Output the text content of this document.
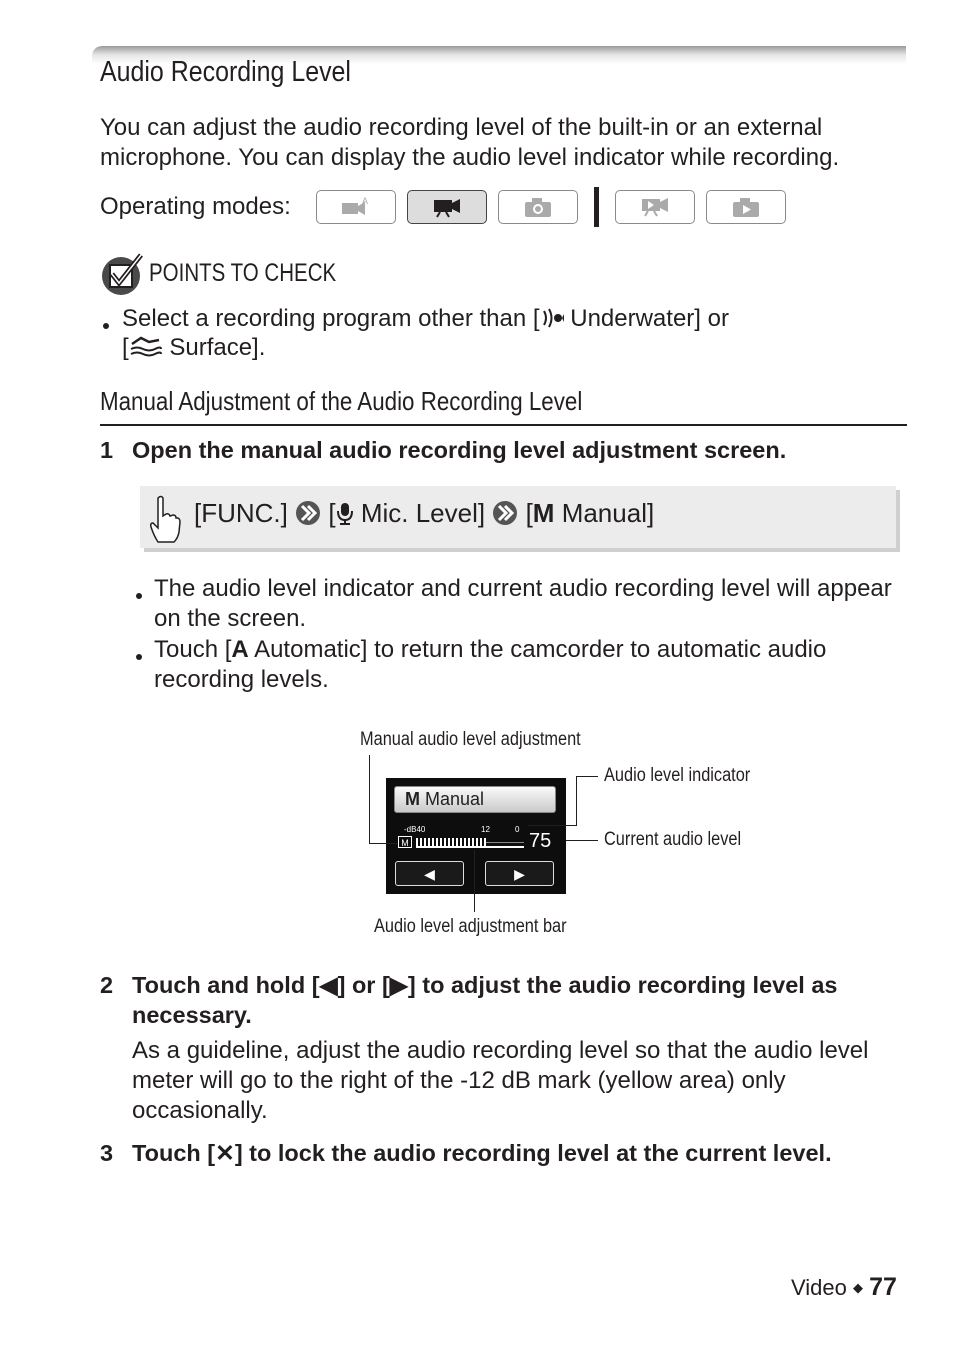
Audio Recording Level
You can adjust the audio recording level of the built-in or an external
microphone. You can display the audio level indicator while recording.
Operating modes:	A
POINTS TO CHECK
Select a recording program other than [ Underwater] or
[ Surface].
Manual Adjustment of the Audio Recording Level
1 Open the manual audio recording level adjustment screen.
[FUNC.] [ Mic. Level] [M Manual]
The audio level indicator and current audio recording level will appear
on the screen.
Touch [A Automatic] to return the camcorder to automatic audio
recording levels.
Manual audio level adjustment
Audio level indicator
Current audio level
Audio level adjustment bar
M Manual
-dB40	12	0
M	75
◀	▶
2 Touch and hold [◀] or [▶] to adjust the audio recording level as
necessary.
As a guideline, adjust the audio recording level so that the audio level
meter will go to the right of the -12 dB mark (yellow area) only
occasionally.
3 Touch [✕] to lock the audio recording level at the current level.
Video ◆ 77
